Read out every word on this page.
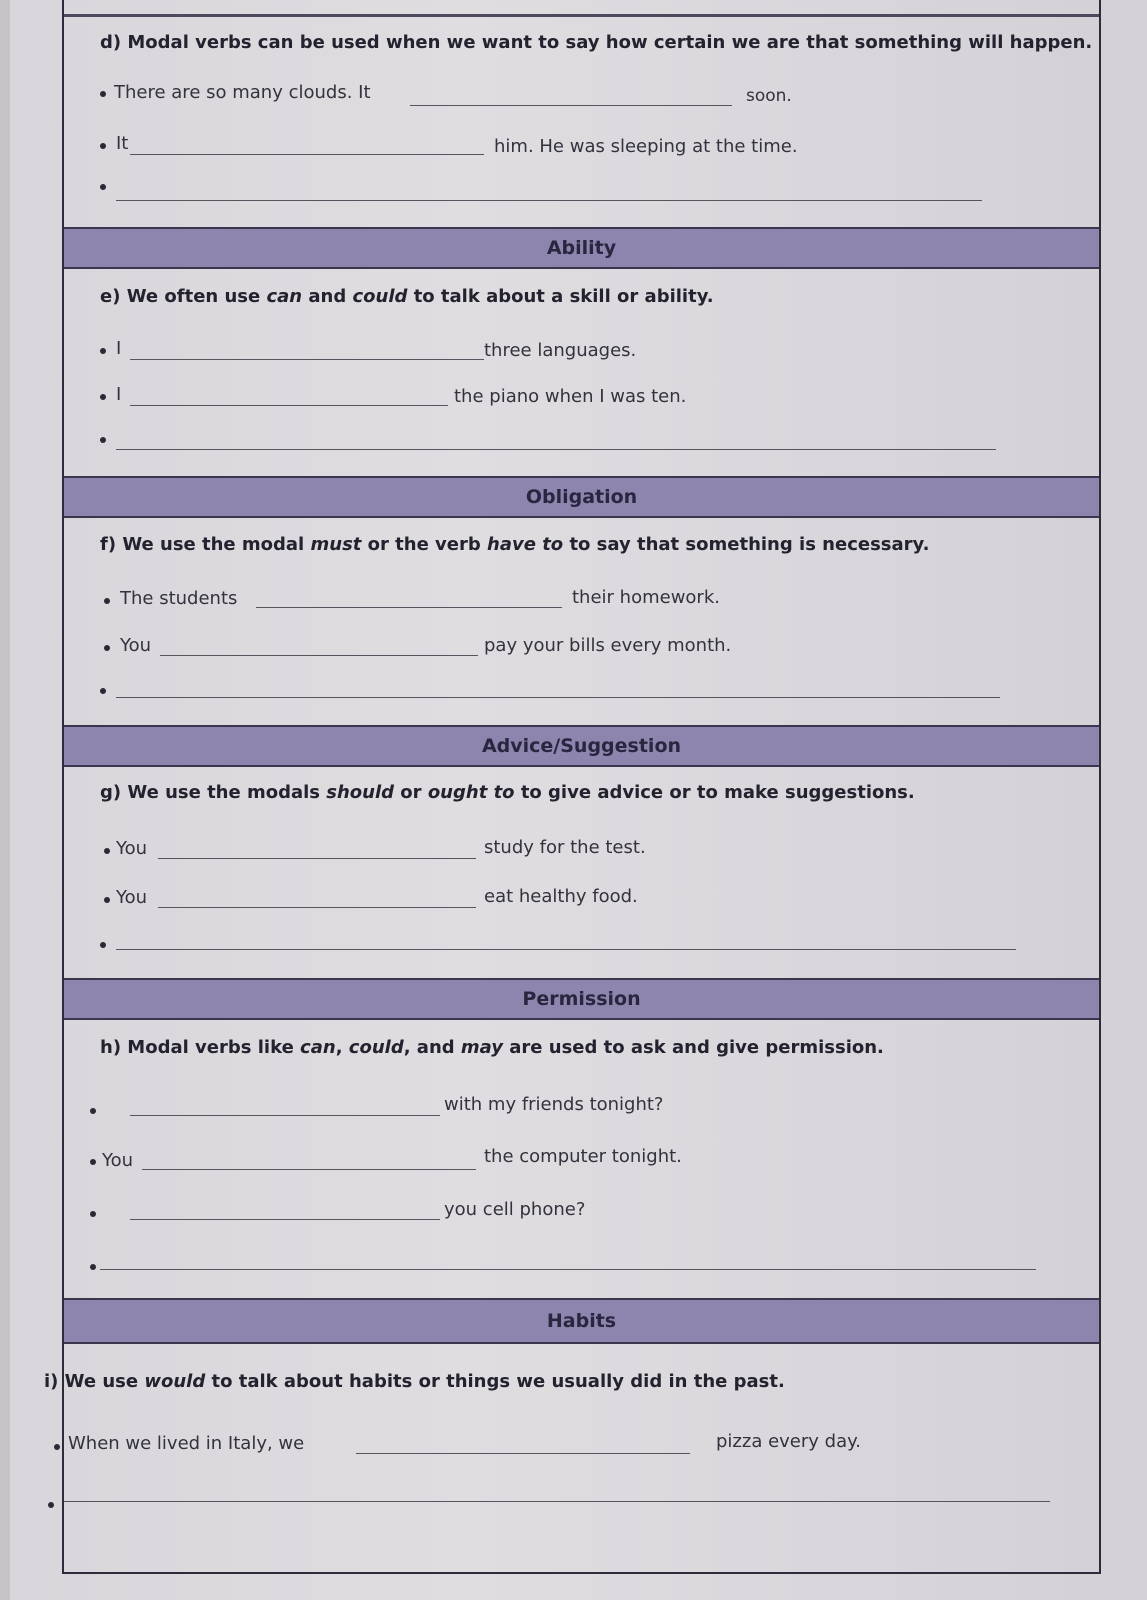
d) Modal verbs can be used when we want to say how certain we are that something will happen.
There are so many clouds. It	soon.
It	him. He was sleeping at the time.
Ability
e) We often use can and could to talk about a skill or ability.
I	three languages.
I	the piano when I was ten.
Obligation
f) We use the modal must or the verb have to to say that something is necessary.
The students	their homework.
You	pay your bills every month.
Advice/Suggestion
g) We use the modals should or ought to to give advice or to make suggestions.
You	study for the test.
You	eat healthy food.
Permission
h) Modal verbs like can, could, and may are used to ask and give permission.
with my friends tonight?
You	the computer tonight.
you cell phone?
Habits
i) We use would to talk about habits or things we usually did in the past.
When we lived in Italy, we	pizza every day.
